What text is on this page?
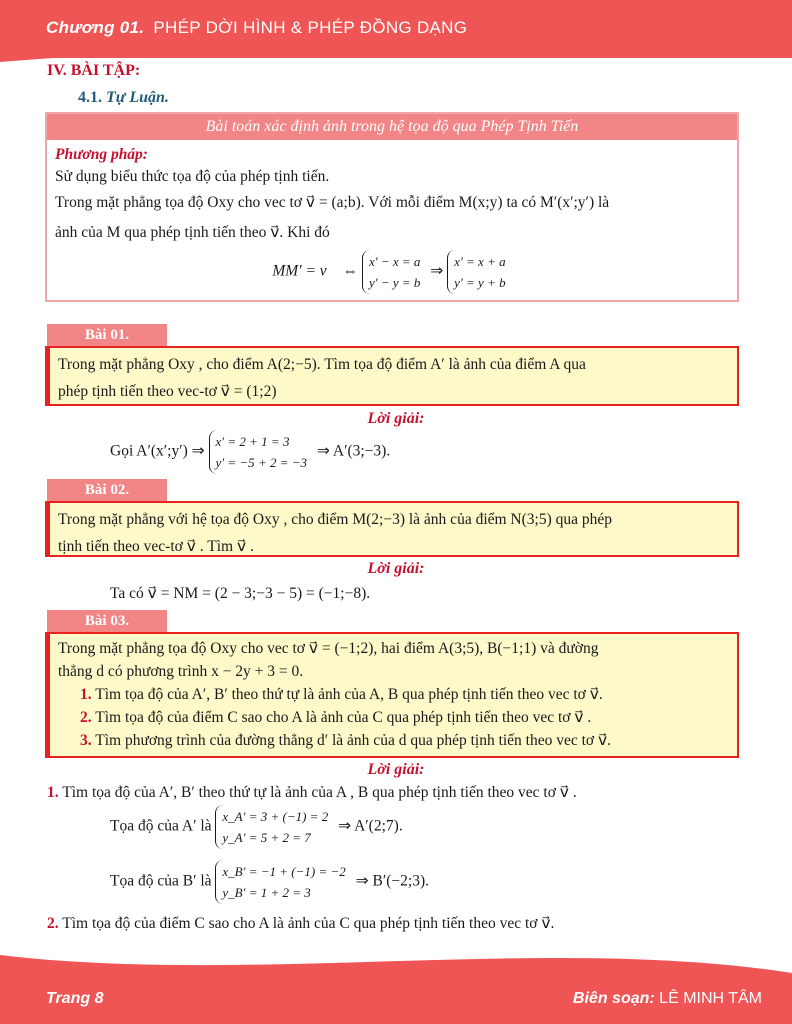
Chương 01. PHÉP DỜI HÌNH & PHÉP ĐỒNG DẠNG
IV. BÀI TẬP:
4.1. Tự Luận.
Bài toán xác định ảnh trong hệ tọa độ qua Phép Tịnh Tiến
Phương pháp:
Sử dụng biểu thức tọa độ của phép tịnh tiến.
Trong mặt phẳng tọa độ Oxy cho vec tơ v⃗ = (a;b). Với mỗi điểm M(x;y) ta có M′(x′;y′) là
ảnh của M qua phép tịnh tiến theo v⃗. Khi đó
MM′ = v⃗ ⇔
x′ − x = a
y′ − y = b
⇒
x′ = x + a
y′ = y + b
Bài 01.
Trong mặt phẳng Oxy , cho điểm A(2;−5). Tìm tọa độ điểm A′ là ảnh của điểm A qua
phép tịnh tiến theo vec-tơ v⃗ = (1;2)
Lời giải:
Gọi A′(x′;y′) ⇒
x′ = 2 + 1 = 3
y′ = −5 + 2 = −3
⇒ A′(3;−3).
Bài 02.
Trong mặt phẳng với hệ tọa độ Oxy , cho điểm M(2;−3) là ảnh của điểm N(3;5) qua phép
tịnh tiến theo vec-tơ v⃗ . Tìm v⃗ .
Lời giải:
Ta có v⃗ = NM = (2 − 3;−3 − 5) = (−1;−8).
Bài 03.
Trong mặt phẳng tọa độ Oxy cho vec tơ v⃗ = (−1;2), hai điểm A(3;5), B(−1;1) và đường
thẳng d có phương trình x − 2y + 3 = 0.
1. Tìm tọa độ của A′, B′ theo thứ tự là ảnh của A, B qua phép tịnh tiến theo vec tơ v⃗.
2. Tìm tọa độ của điểm C sao cho A là ảnh của C qua phép tịnh tiến theo vec tơ v⃗ .
3. Tìm phương trình của đường thẳng d′ là ảnh của d qua phép tịnh tiến theo vec tơ v⃗.
Lời giải:
1. Tìm tọa độ của A′, B′ theo thứ tự là ảnh của A , B qua phép tịnh tiến theo vec tơ v⃗ .
Tọa độ của A′ là
x_A′ = 3 + (−1) = 2
y_A′ = 5 + 2 = 7
⇒ A′(2;7).
Tọa độ của B′ là
x_B′ = −1 + (−1) = −2
y_B′ = 1 + 2 = 3
⇒ B′(−2;3).
2. Tìm tọa độ của điểm C sao cho A là ảnh của C qua phép tịnh tiến theo vec tơ v⃗.
Trang 8	Biên soạn: LÊ MINH TÂM
